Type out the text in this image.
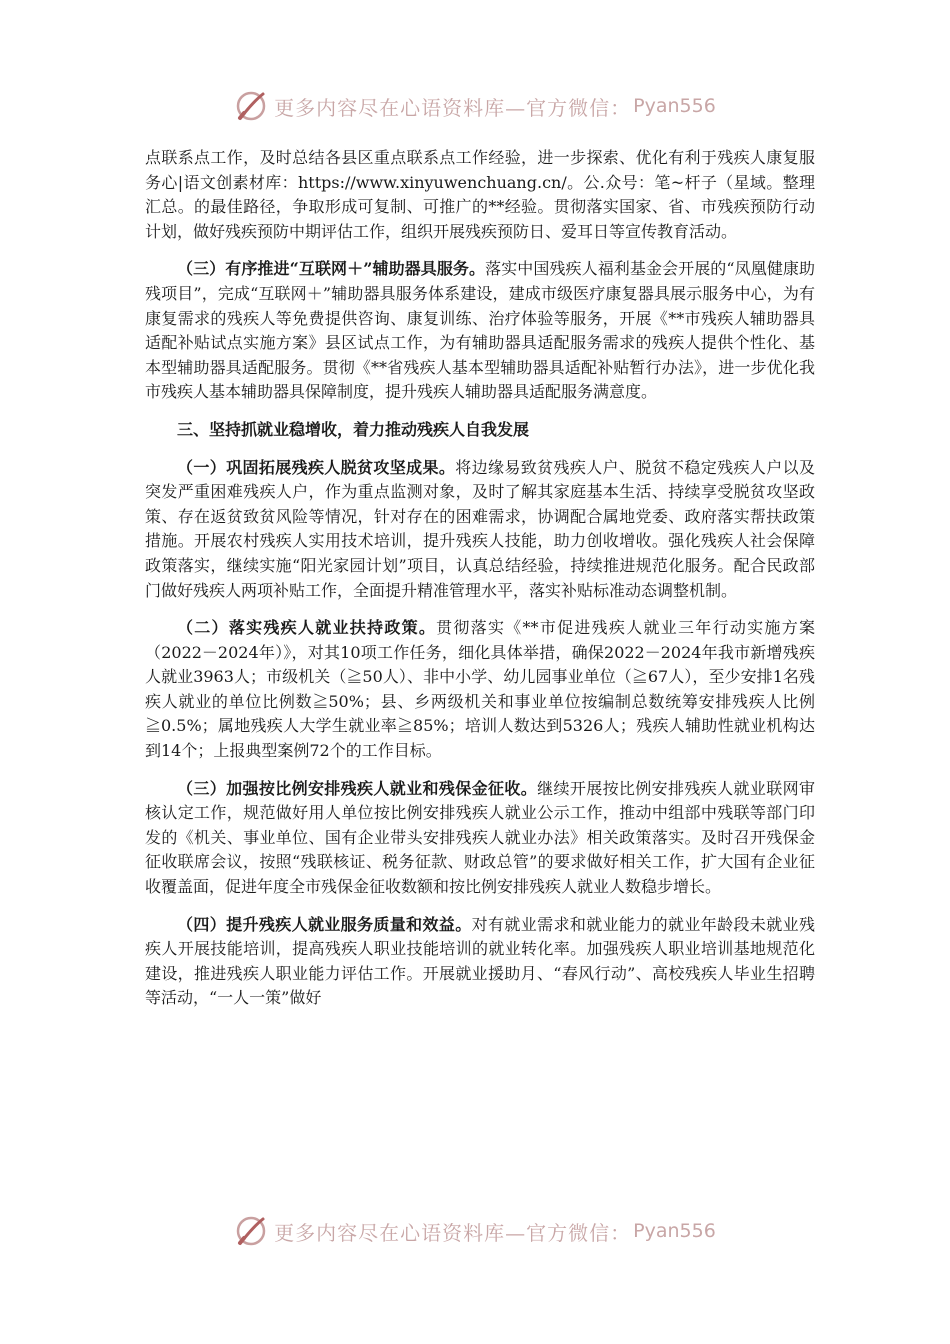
更多内容尽在心语资料库—官方微信： Pyan556

点联系点工作，及时总结各县区重点联系点工作经验，进一步探索、优化有利于残疾人康复服务心|语文创素材库：https://www.xinyuwenchuang.cn/。公.众号：笔~杆子（星域。整理汇总。的最佳路径，争取形成可复制、可推广的**经验。贯彻落实国家、省、市残疾预防行动计划，做好残疾预防中期评估工作，组织开展残疾预防日、爱耳日等宣传教育活动。

（三）有序推进“互联网＋”辅助器具服务。落实中国残疾人福利基金会开展的“凤凰健康助残项目”，完成“互联网＋”辅助器具服务体系建设，建成市级医疗康复器具展示服务中心，为有康复需求的残疾人等免费提供咨询、康复训练、治疗体验等服务，开展《**市残疾人辅助器具适配补贴试点实施方案》县区试点工作，为有辅助器具适配服务需求的残疾人提供个性化、基本型辅助器具适配服务。贯彻《**省残疾人基本型辅助器具适配补贴暂行办法》，进一步优化我市残疾人基本辅助器具保障制度，提升残疾人辅助器具适配服务满意度。

三、坚持抓就业稳增收，着力推动残疾人自我发展

（一）巩固拓展残疾人脱贫攻坚成果。将边缘易致贫残疾人户、脱贫不稳定残疾人户以及突发严重困难残疾人户，作为重点监测对象，及时了解其家庭基本生活、持续享受脱贫攻坚政策、存在返贫致贫风险等情况，针对存在的困难需求，协调配合属地党委、政府落实帮扶政策措施。开展农村残疾人实用技术培训，提升残疾人技能，助力创收增收。强化残疾人社会保障政策落实，继续实施“阳光家园计划”项目，认真总结经验，持续推进规范化服务。配合民政部门做好残疾人两项补贴工作，全面提升精准管理水平，落实补贴标准动态调整机制。

（二）落实残疾人就业扶持政策。贯彻落实《**市促进残疾人就业三年行动实施方案（2022－2024年）》，对其10项工作任务，细化具体举措，确保2022－2024年我市新增残疾人就业3963人；市级机关（≧50人）、非中小学、幼儿园事业单位（≧67人），至少安排1名残疾人就业的单位比例数≧50%；县、乡两级机关和事业单位按编制总数统筹安排残疾人比例≧0.5%；属地残疾人大学生就业率≧85%；培训人数达到5326人；残疾人辅助性就业机构达到14个；上报典型案例72个的工作目标。

（三）加强按比例安排残疾人就业和残保金征收。继续开展按比例安排残疾人就业联网审核认定工作，规范做好用人单位按比例安排残疾人就业公示工作，推动中组部中残联等部门印发的《机关、事业单位、国有企业带头安排残疾人就业办法》相关政策落实。及时召开残保金征收联席会议，按照“残联核证、税务征款、财政总管”的要求做好相关工作，扩大国有企业征收覆盖面，促进年度全市残保金征收数额和按比例安排残疾人就业人数稳步增长。

（四）提升残疾人就业服务质量和效益。对有就业需求和就业能力的就业年龄段未就业残疾人开展技能培训，提高残疾人职业技能培训的就业转化率。加强残疾人职业培训基地规范化建设，推进残疾人职业能力评估工作。开展就业援助月、“春风行动”、高校残疾人毕业生招聘等活动，“一人一策”做好

更多内容尽在心语资料库—官方微信： Pyan556
